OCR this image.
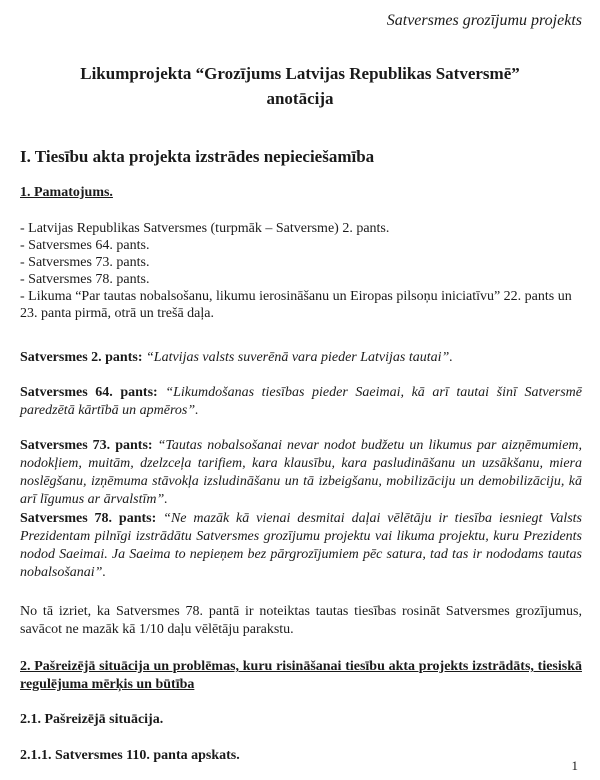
Satversmes grozījumu projekts
Likumprojekta “Grozījums Latvijas Republikas Satversmē”
anotācija
I. Tiesību akta projekta izstrādes nepieciešamība
1. Pamatojums.
- Latvijas Republikas Satversmes (turpmāk – Satversme) 2. pants.
- Satversmes 64. pants.
- Satversmes 73. pants.
- Satversmes 78. pants.
- Likuma “Par tautas nobalsošanu, likumu ierosināšanu un Eiropas pilsoņu iniciatīvu” 22. pants un 23. panta pirmā, otrā un trešā daļa.
Satversmes 2. pants: “Latvijas valsts suverēnā vara pieder Latvijas tautai”.
Satversmes 64. pants: “Likumdošanas tiesības pieder Saeimai, kā arī tautai šinī Satversmē paredzētā kārtībā un apmēros”.
Satversmes 73. pants: “Tautas nobalsošanai nevar nodot budžetu un likumus par aizņēmumiem, nodokļiem, muitām, dzelzceļa tarifiem, kara klausību, kara pasludināšanu un uzsākšanu, miera noslēgšanu, izņēmuma stāvokļa izsludināšanu un tā izbeigšanu, mobilizāciju un demobilizāciju, kā arī līgumus ar ārvalstīm”.
Satversmes 78. pants: “Ne mazāk kā vienai desmitai daļai vēlētāju ir tiesība iesniegt Valsts Prezidentam pilnīgi izstrādātu Satversmes grozījumu projektu vai likuma projektu, kuru Prezidents nodod Saeimai. Ja Saeima to nepieņem bez pārgrozījumiem pēc satura, tad tas ir nododams tautas nobalsošanai”.
No tā izriet, ka Satversmes 78. pantā ir noteiktas tautas tiesības rosināt Satversmes grozījumus, savācot ne mazāk kā 1/10 daļu vēlētāju parakstu.
2. Pašreizējā situācija un problēmas, kuru risināšanai tiesību akta projekts izstrādāts, tiesiskā regulējuma mērķis un būtība
2.1. Pašreizējā situācija.
2.1.1. Satversmes 110. panta apskats.
1
